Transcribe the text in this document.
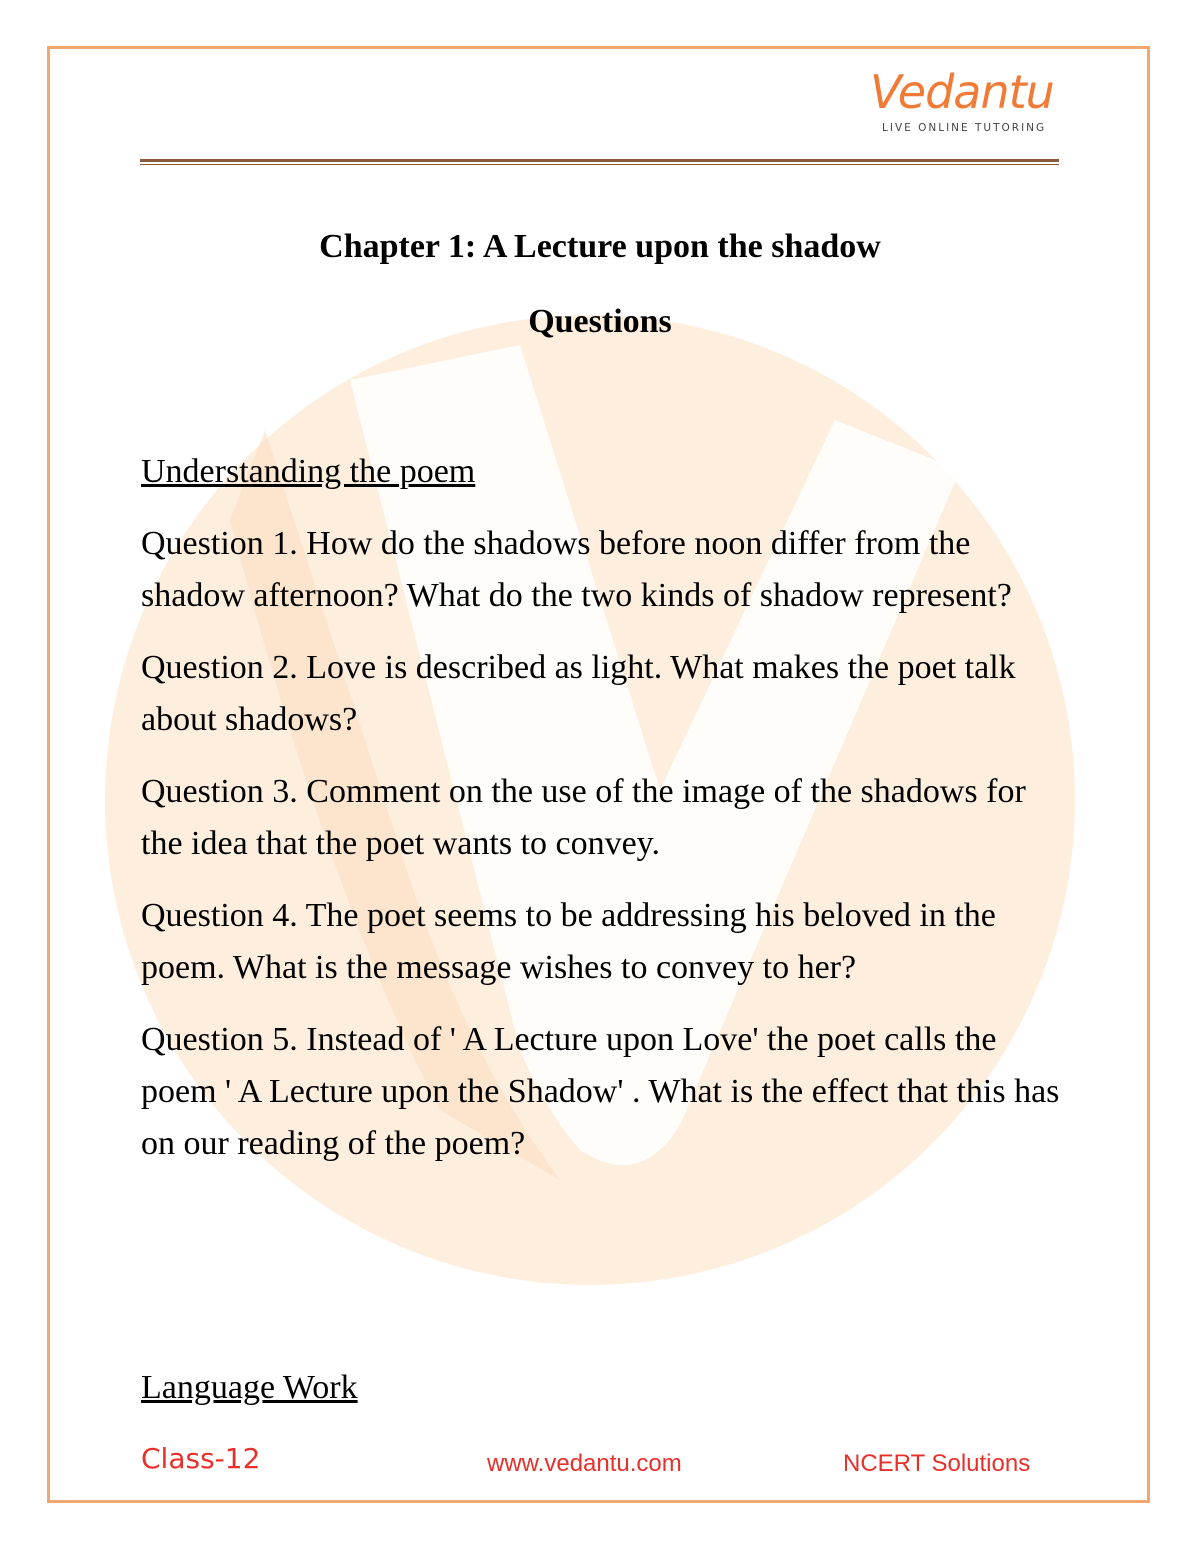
Vedantu
LIVE ONLINE TUTORING
Chapter 1: A Lecture upon the shadow
Questions
Understanding the poem
Question 1. How do the shadows before noon differ from the shadow afternoon? What do the two kinds of shadow represent?
Question 2. Love is described as light. What makes the poet talk about shadows?
Question 3. Comment on the use of the image of the shadows for the idea that the poet wants to convey.
Question 4. The poet seems to be addressing his beloved in the poem. What is the message wishes to convey to her?
Question 5. Instead of ' A Lecture upon Love' the poet calls the poem ' A Lecture upon the Shadow' . What is the effect that this has on our reading of the poem?
Language Work
Class-12	www.vedantu.com	NCERT Solutions
